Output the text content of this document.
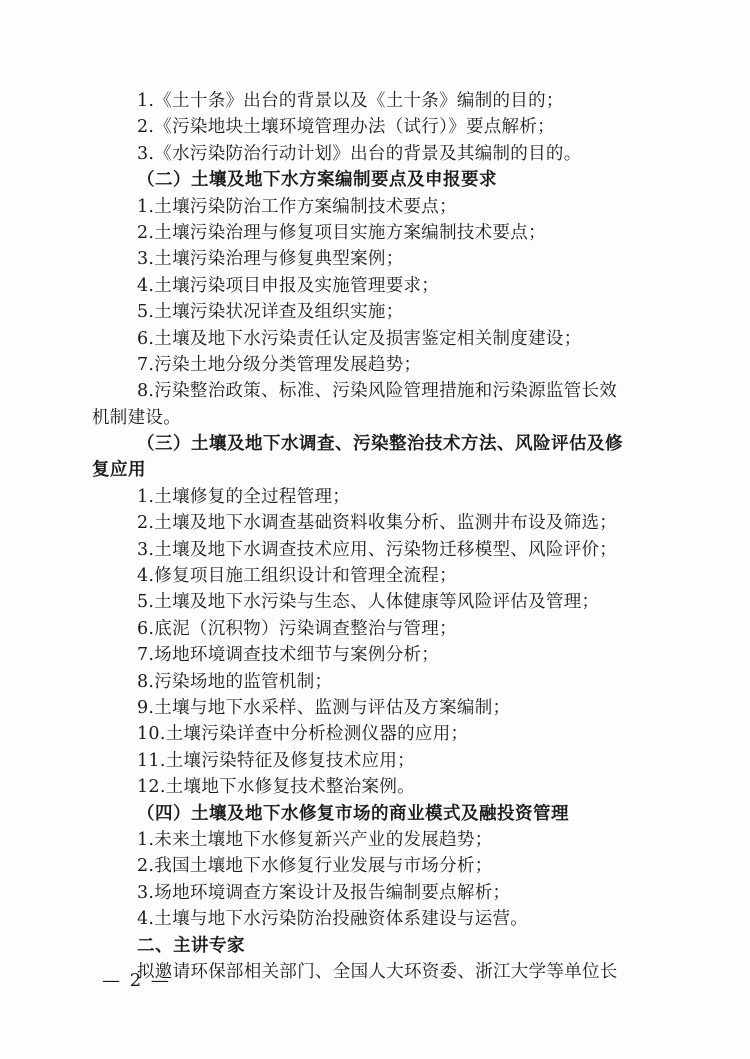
1.《土十条》出台的背景以及《土十条》编制的目的；
2.《污染地块土壤环境管理办法（试行）》要点解析；
3.《水污染防治行动计划》出台的背景及其编制的目的。
（二）土壤及地下水方案编制要点及申报要求
1.土壤污染防治工作方案编制技术要点；
2.土壤污染治理与修复项目实施方案编制技术要点；
3.土壤污染治理与修复典型案例；
4.土壤污染项目申报及实施管理要求；
5.土壤污染状况详查及组织实施；
6.土壤及地下水污染责任认定及损害鉴定相关制度建设；
7.污染土地分级分类管理发展趋势；
8.污染整治政策、标准、污染风险管理措施和污染源监管长效
机制建设。
（三）土壤及地下水调查、污染整治技术方法、风险评估及修
复应用
1.土壤修复的全过程管理；
2.土壤及地下水调查基础资料收集分析、监测井布设及筛选；
3.土壤及地下水调查技术应用、污染物迁移模型、风险评价；
4.修复项目施工组织设计和管理全流程；
5.土壤及地下水污染与生态、人体健康等风险评估及管理；
6.底泥（沉积物）污染调查整治与管理；
7.场地环境调查技术细节与案例分析；
8.污染场地的监管机制；
9.土壤与地下水采样、监测与评估及方案编制；
10.土壤污染详查中分析检测仪器的应用；
11.土壤污染特征及修复技术应用；
12.土壤地下水修复技术整治案例。
（四）土壤及地下水修复市场的商业模式及融投资管理
1.未来土壤地下水修复新兴产业的发展趋势；
2.我国土壤地下水修复行业发展与市场分析；
3.场地环境调查方案设计及报告编制要点解析；
4.土壤与地下水污染防治投融资体系建设与运营。
二、主讲专家
拟邀请环保部相关部门、全国人大环资委、浙江大学等单位长
— 2 —
